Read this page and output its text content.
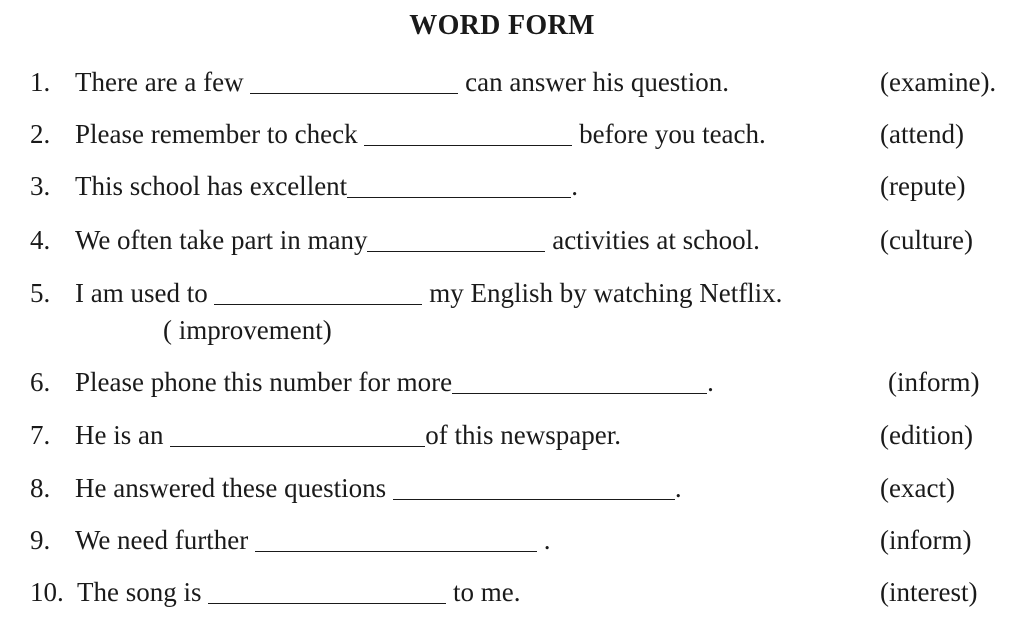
WORD FORM
1. There are a few	can answer his question.	(examine).
2. Please remember to check	before you teach.	(attend)
3. This school has excellent	.	(repute)
4. We often take part in many	activities at school.	(culture)
5. I am used to	my English by watching Netflix.
( improvement)
6. Please phone this number for more	.	(inform)
7. He is an	of this newspaper.	(edition)
8. He answered these questions	.	(exact)
9. We need further	.	(inform)
10. The song is	to me.	(interest)
